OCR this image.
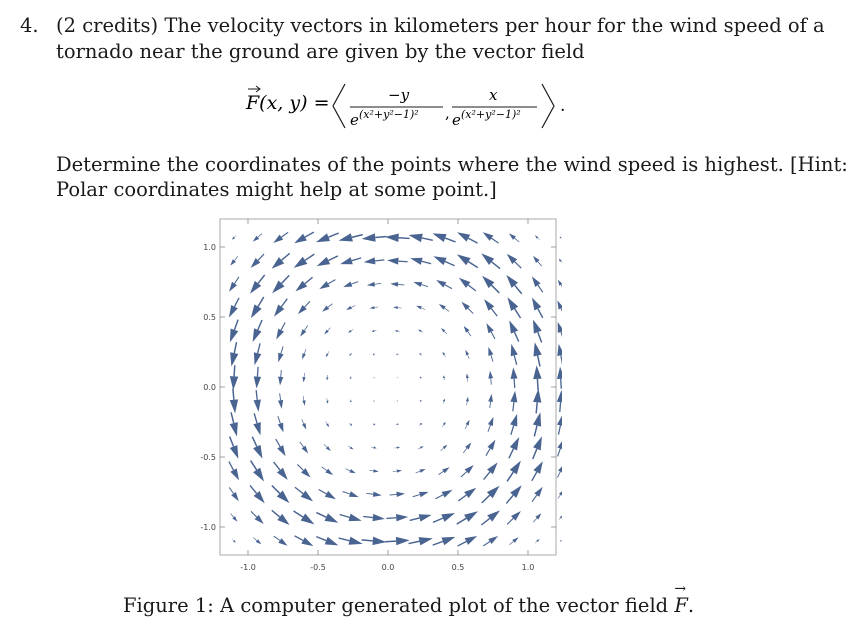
4. (2 credits) The velocity vectors in kilometers per hour for the wind speed of a
tornado near the ground are given by the vector field
F(x, y) =	−y
e (x²+y²−1)² ,
x
e (x²+y²−1)² .
Determine the coordinates of the points where the wind speed is highest. [Hint:
Polar coordinates might help at some point.]
-1.0	-0.5	0.0	0.5	1.0
1.0
0.5
0.0
-0.5
-1.0
Figure 1: A computer generated plot of the vector field
→
F.
